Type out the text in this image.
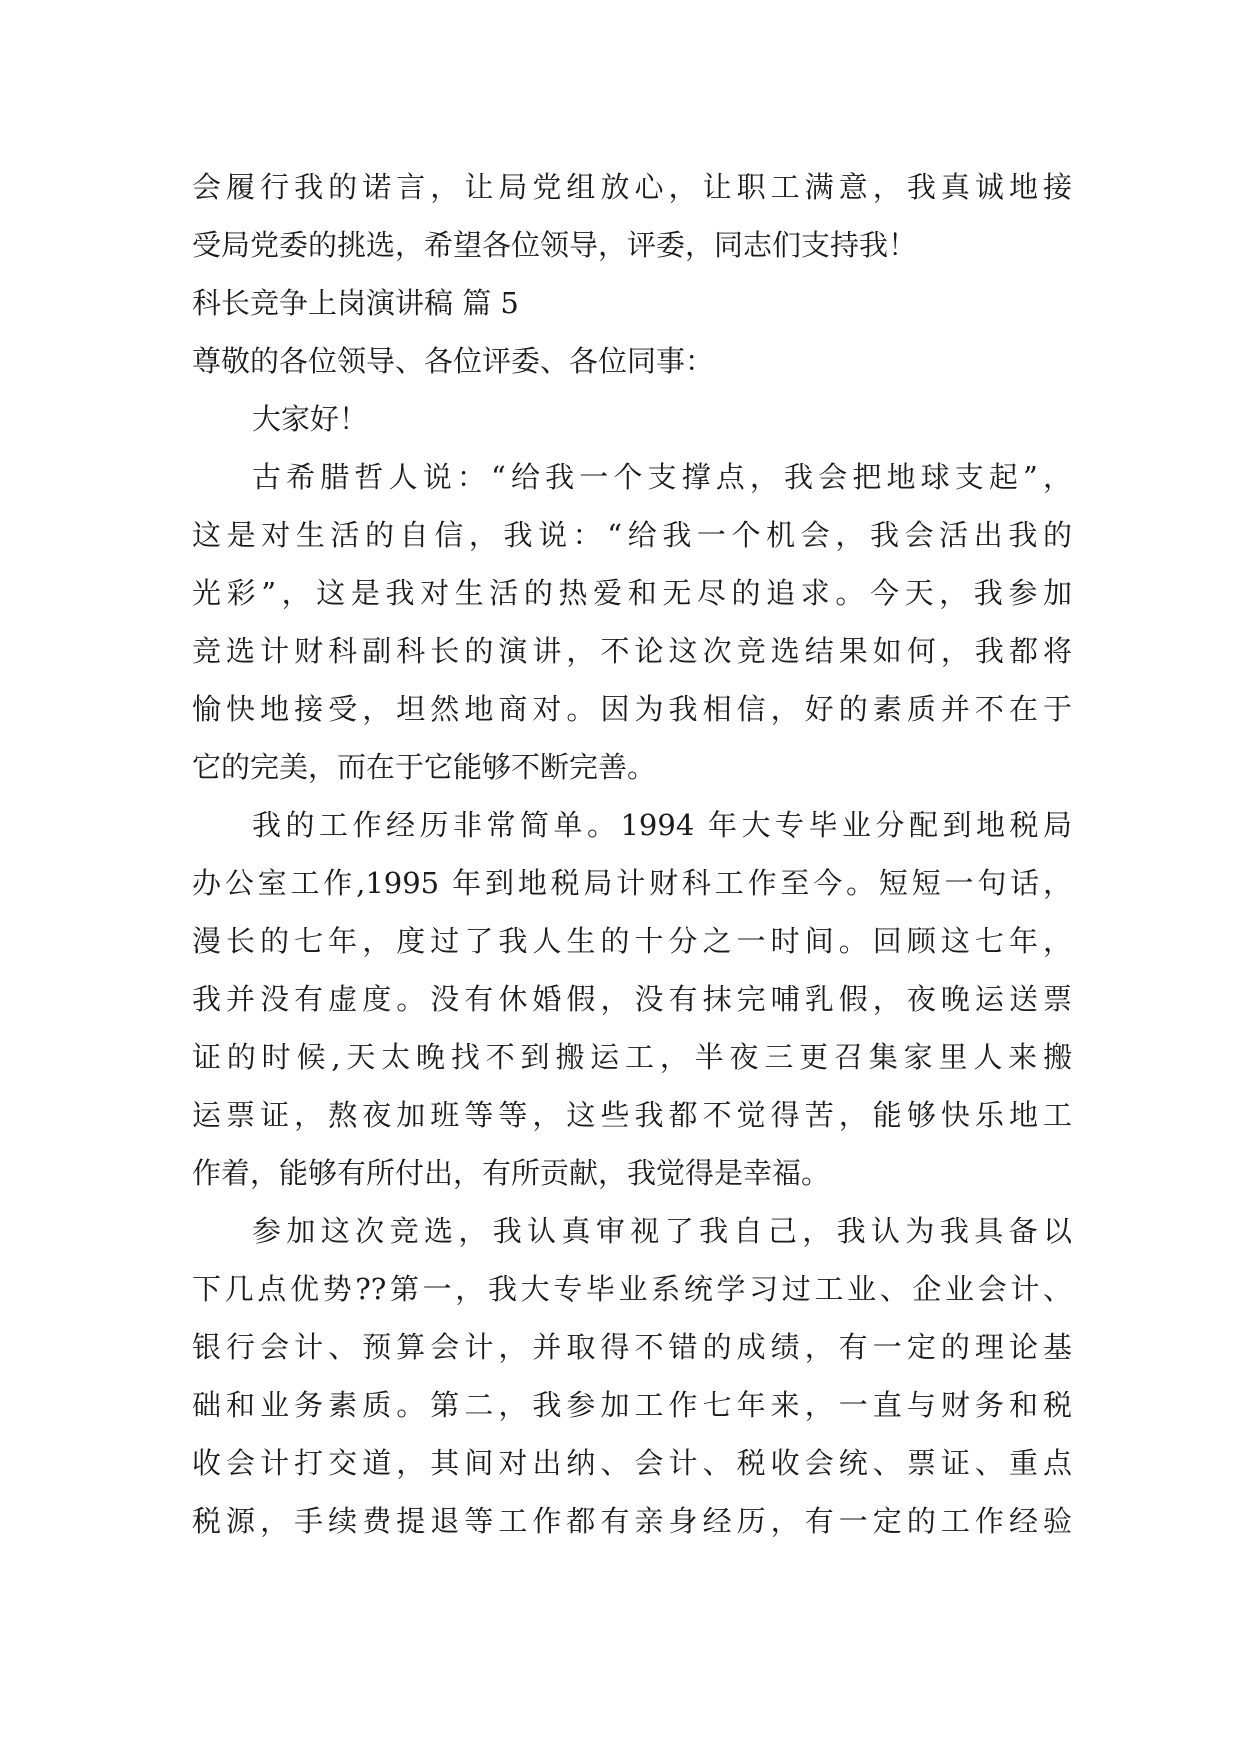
会履行我的诺言，让局党组放心，让职工满意，我真诚地接
受局党委的挑选，希望各位领导，评委，同志们支持我！
科长竞争上岗演讲稿 篇 5
尊敬的各位领导、各位评委、各位同事：
大家好！
古希腊哲人说：“给我一个支撑点，我会把地球支起”，
这是对生活的自信，我说：“给我一个机会，我会活出我的
光彩”，这是我对生活的热爱和无尽的追求。今天，我参加
竞选计财科副科长的演讲，不论这次竞选结果如何，我都将
愉快地接受，坦然地商对。因为我相信，好的素质并不在于
它的完美，而在于它能够不断完善。
我的工作经历非常简单。1994 年大专毕业分配到地税局
办公室工作,1995 年到地税局计财科工作至今。短短一句话，
漫长的七年，度过了我人生的十分之一时间。回顾这七年，
我并没有虚度。没有休婚假，没有抹完哺乳假，夜晚运送票
证的时候,天太晚找不到搬运工，半夜三更召集家里人来搬
运票证，熬夜加班等等，这些我都不觉得苦，能够快乐地工
作着，能够有所付出，有所贡献，我觉得是幸福。
参加这次竞选，我认真审视了我自己，我认为我具备以
下几点优势??第一，我大专毕业系统学习过工业、企业会计、
银行会计、预算会计，并取得不错的成绩，有一定的理论基
础和业务素质。第二，我参加工作七年来，一直与财务和税
收会计打交道，其间对出纳、会计、税收会统、票证、重点
税源，手续费提退等工作都有亲身经历，有一定的工作经验
